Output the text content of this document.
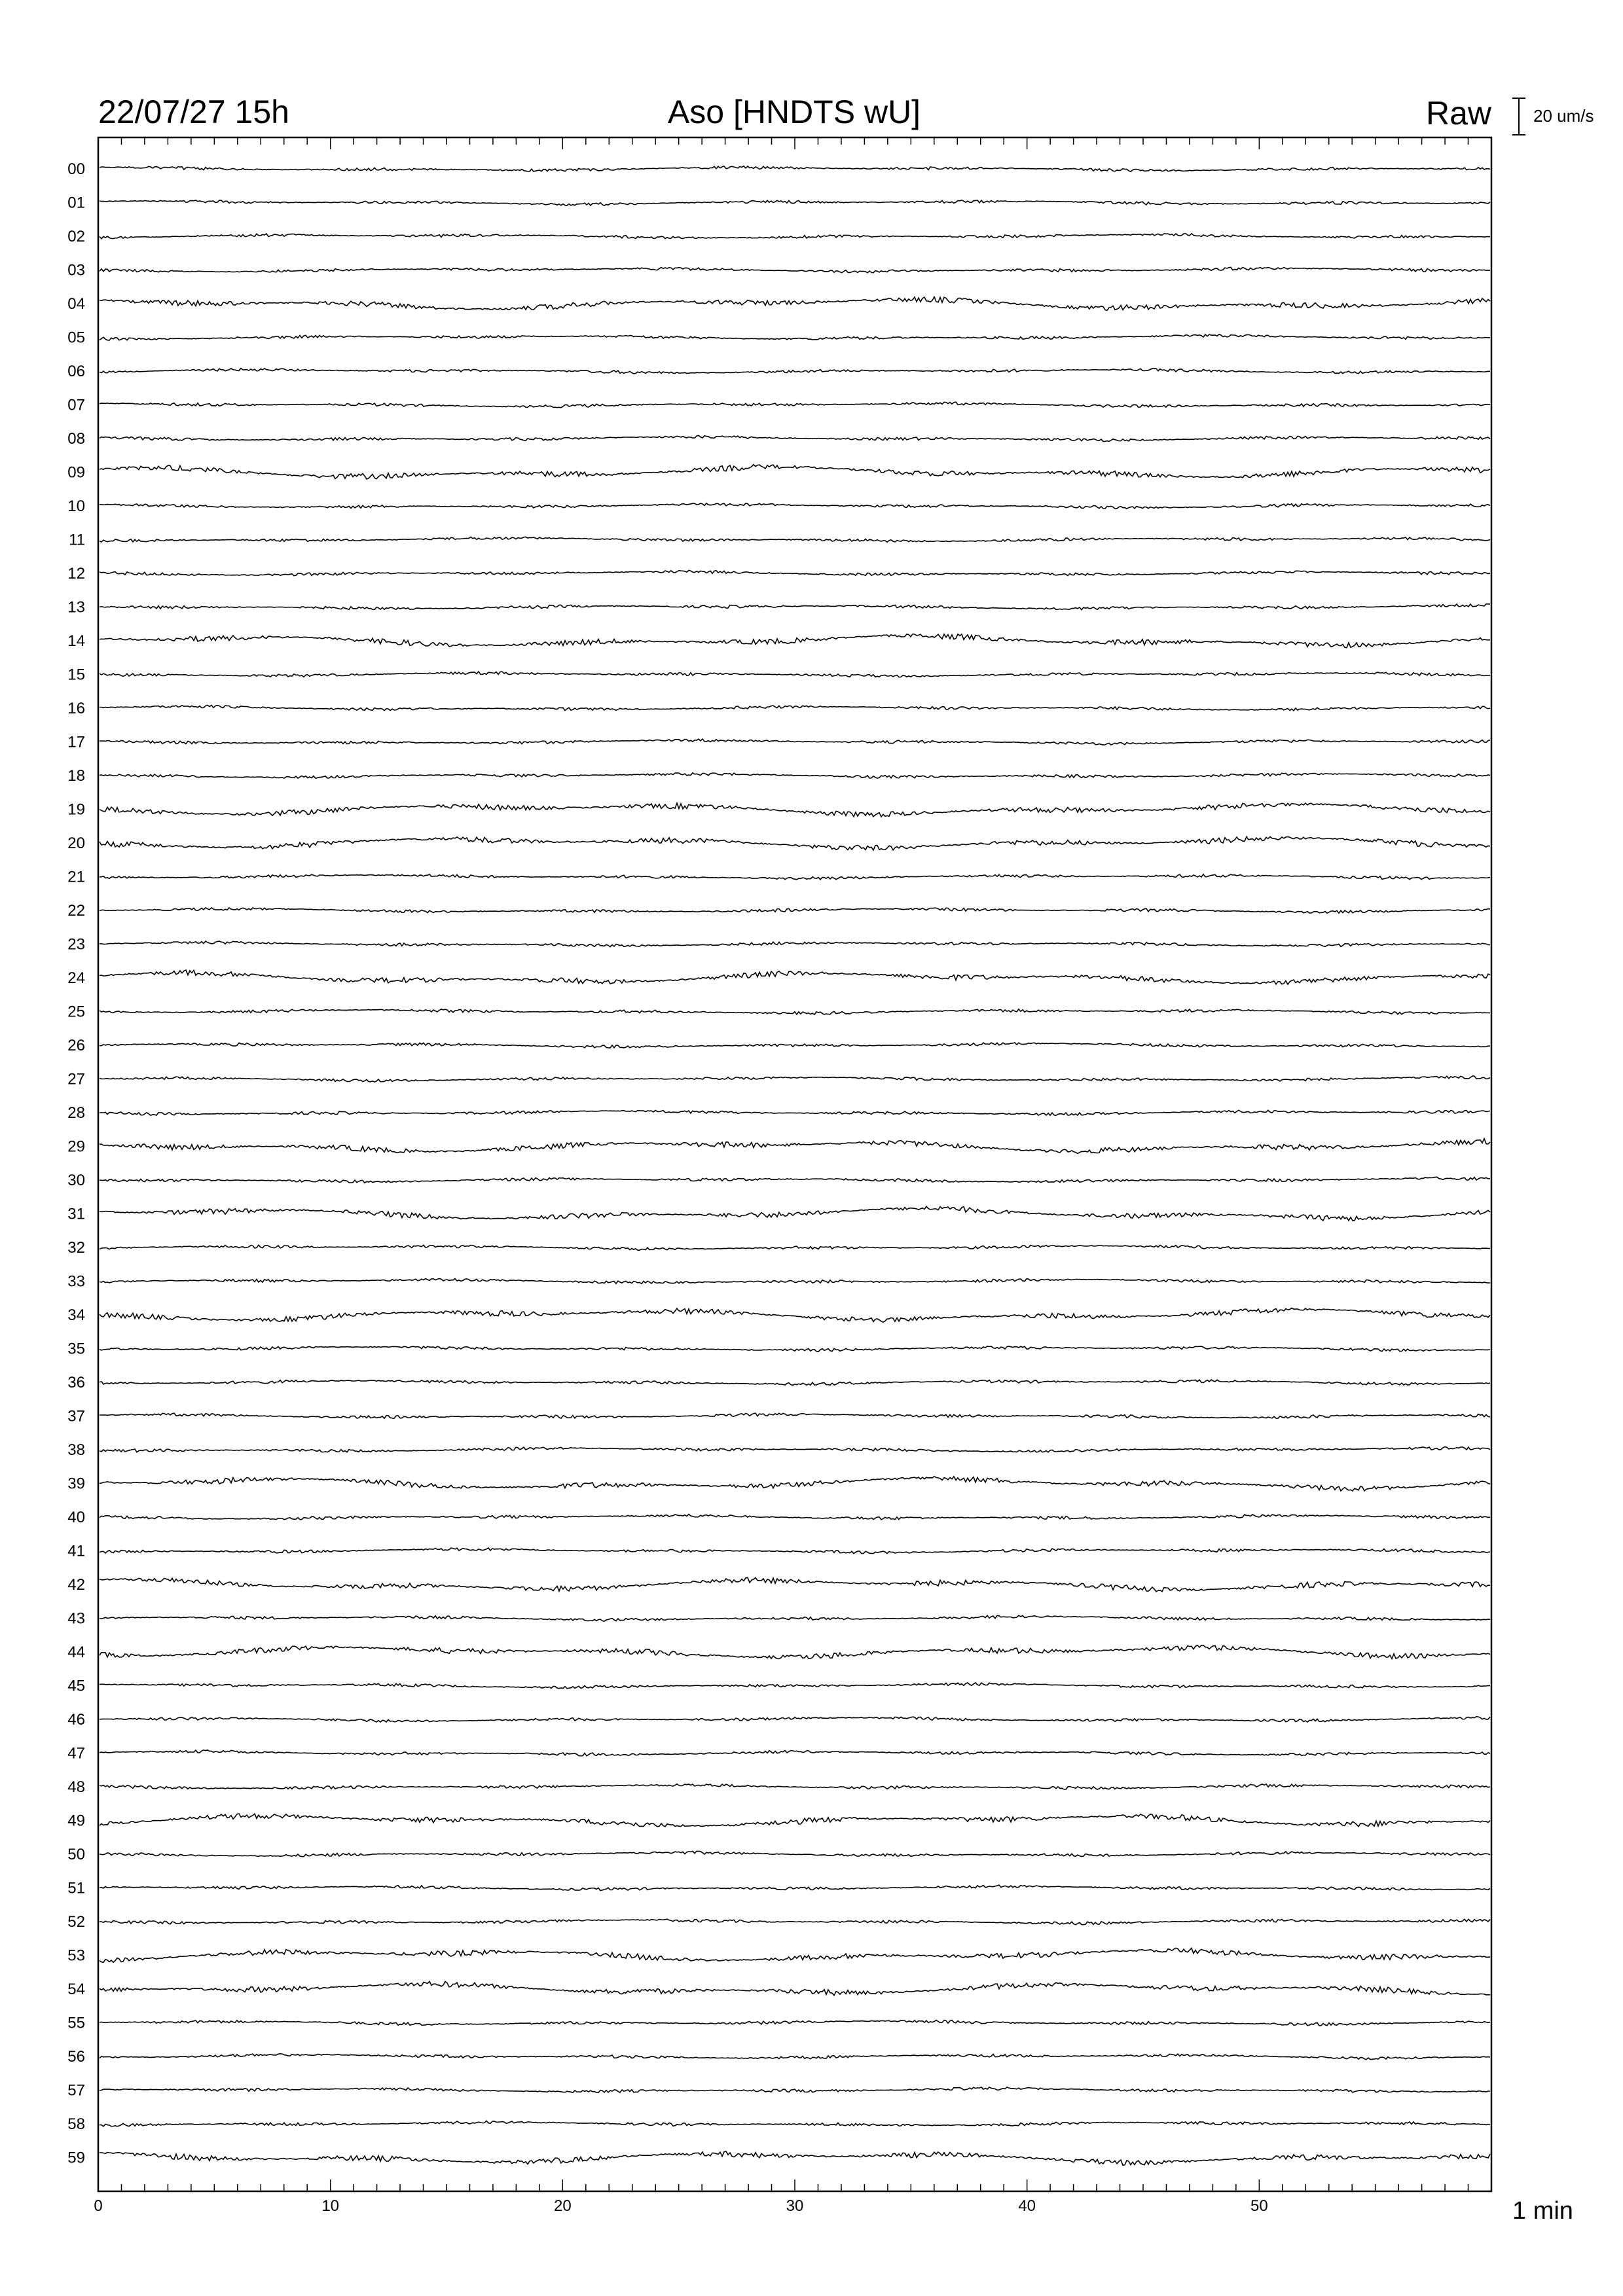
22/07/27 15h	Aso [HNDTS wU]	Raw 20 um/s
00
01
02
03
04
05
06
07
08
09
10
11
12
13
14
15
16
17
18
19
20
21
22
23
24
25
26
27
28
29
30
31
32
33
34
35
36
37
38
39
40
41
42
43
44
45
46
47
48
49
50
51
52
53
54
55
56
57
58
59
0	10	20	30	40	50	1 min
